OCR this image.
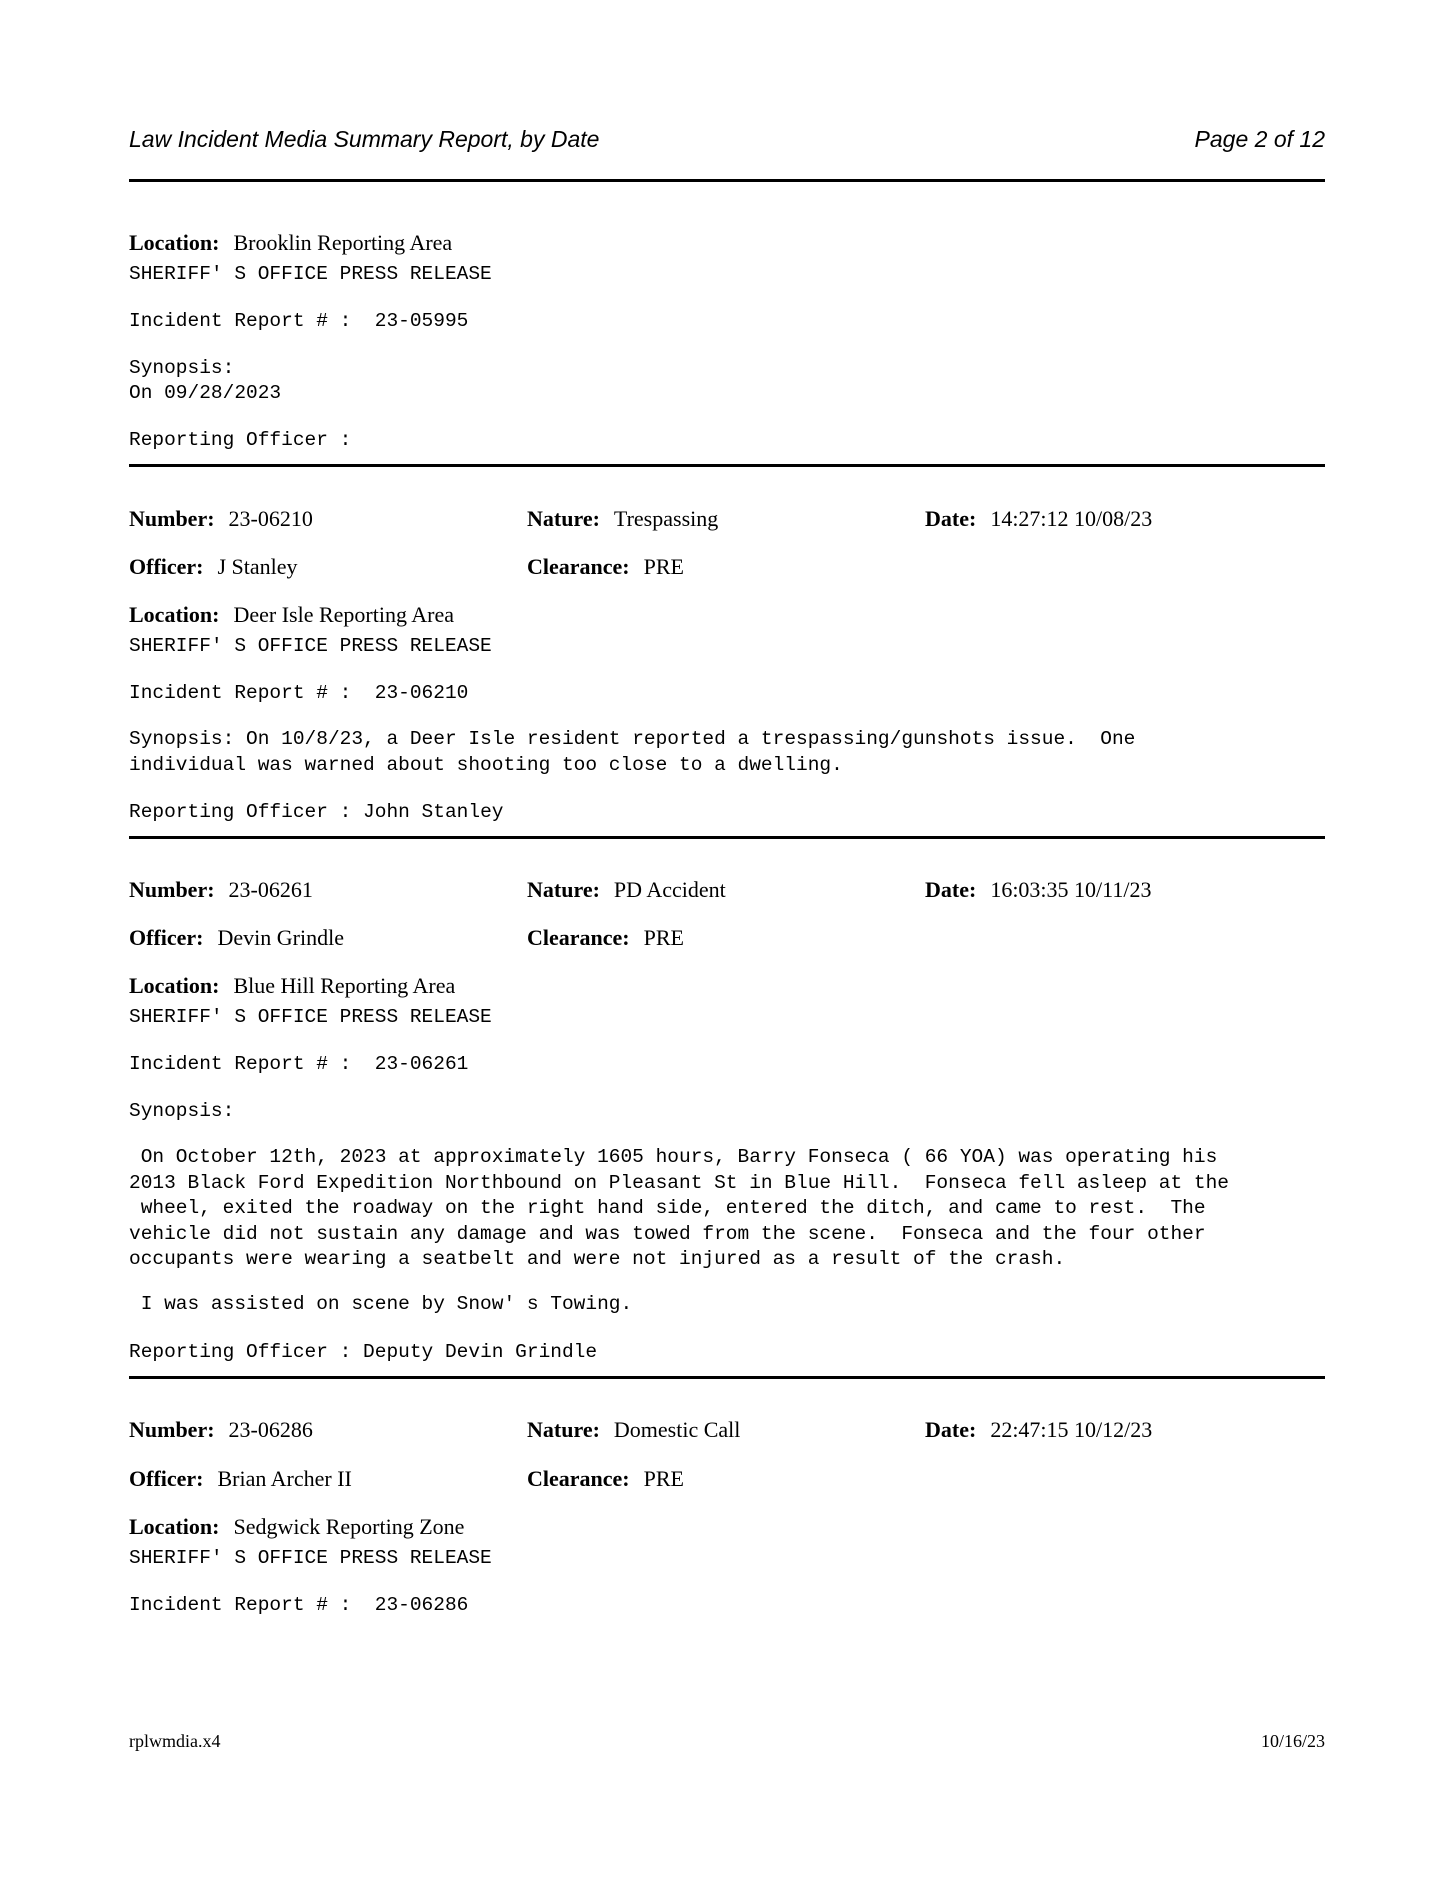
Law Incident Media Summary Report, by Date	Page 2 of 12
Location: Brooklin Reporting Area
SHERIFF' S OFFICE PRESS RELEASE
Incident Report # : 23-05995
Synopsis:
On 09/28/2023
Reporting Officer :
Number: 23-06210	Nature: Trespassing	Date: 14:27:12 10/08/23
Officer: J Stanley	Clearance: PRE
Location: Deer Isle Reporting Area
SHERIFF' S OFFICE PRESS RELEASE
Incident Report # : 23-06210
Synopsis: On 10/8/23, a Deer Isle resident reported a trespassing/gunshots issue.  One
individual was warned about shooting too close to a dwelling.
Reporting Officer : John Stanley
Number: 23-06261	Nature: PD Accident	Date: 16:03:35 10/11/23
Officer: Devin Grindle	Clearance: PRE
Location: Blue Hill Reporting Area
SHERIFF' S OFFICE PRESS RELEASE
Incident Report # : 23-06261
Synopsis:
On October 12th, 2023 at approximately 1605 hours, Barry Fonseca ( 66 YOA) was operating his
2013 Black Ford Expedition Northbound on Pleasant St in Blue Hill.  Fonseca fell asleep at the
wheel, exited the roadway on the right hand side, entered the ditch, and came to rest.  The
vehicle did not sustain any damage and was towed from the scene.  Fonseca and the four other
occupants were wearing a seatbelt and were not injured as a result of the crash.
I was assisted on scene by Snow' s Towing.
Reporting Officer : Deputy Devin Grindle
Number: 23-06286	Nature: Domestic Call	Date: 22:47:15 10/12/23
Officer: Brian Archer II	Clearance: PRE
Location: Sedgwick Reporting Zone
SHERIFF' S OFFICE PRESS RELEASE
Incident Report # : 23-06286
rplwmdia.x4	10/16/23
